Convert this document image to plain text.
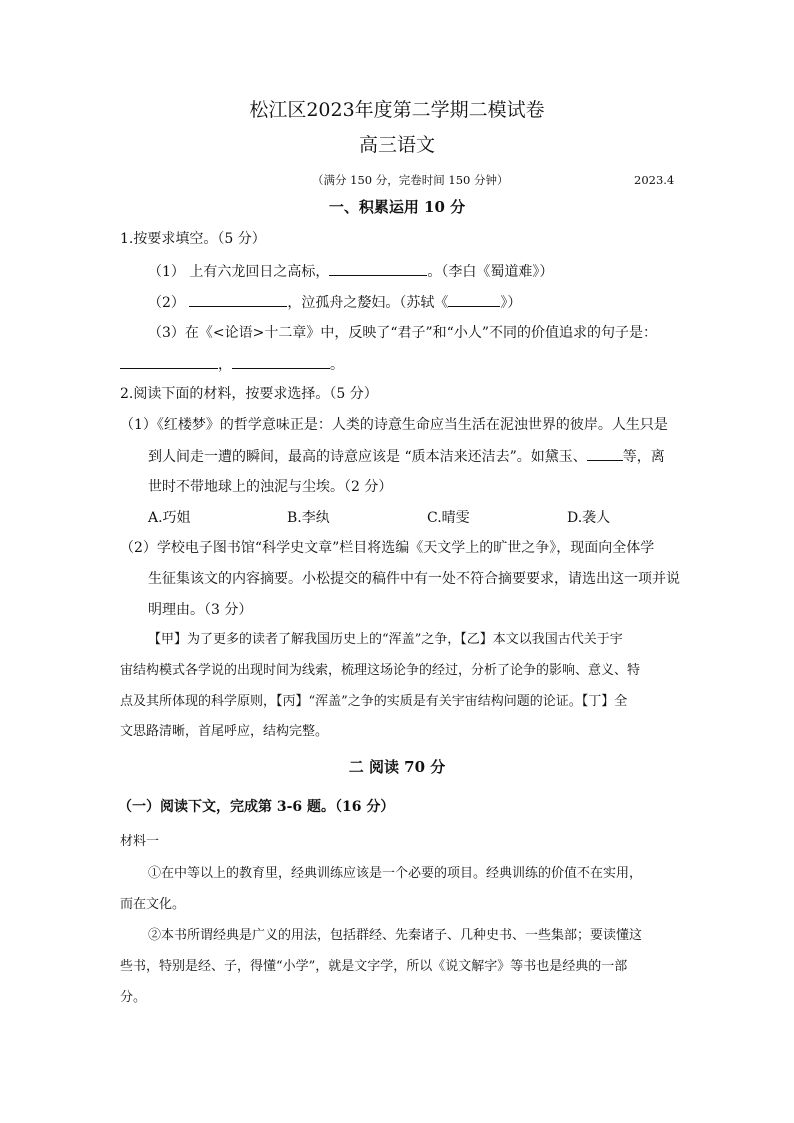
松江区2023年度第二学期二模试卷
高三语文
（满分 150 分，完卷时间 150 分钟）	2023.4
一、积累运用 10 分
1.按要求填空。（5 分）
（1） 上有六龙回日之高标，	。（李白《蜀道难》）
（2）	，泣孤舟之嫠妇。（苏轼《	》）
（3）在《<论语>十二章》中，反映了“君子”和“小人”不同的价值追求的句子是：
，	。
2.阅读下面的材料，按要求选择。（5 分）
（1）《红楼梦》的哲学意味正是：人类的诗意生命应当生活在泥浊世界的彼岸。人生只是
到人间走一遭的瞬间，最高的诗意应该是 “质本洁来还洁去”。如黛玉、	等，离
世时不带地球上的浊泥与尘埃。（2 分）
A.巧姐	B.李纨	C.晴雯	D.袭人
（2）学校电子图书馆“科学史文章”栏目将选编《天文学上的旷世之争》，现面向全体学
生征集该文的内容摘要。小松提交的稿件中有一处不符合摘要要求，请选出这一项并说
明理由。（3 分）
【甲】为了更多的读者了解我国历史上的“浑盖”之争，【乙】本文以我国古代关于宇
宙结构模式各学说的出现时间为线索，梳理这场论争的经过，分析了论争的影响、意义、特
点及其所体现的科学原则，【丙】“浑盖”之争的实质是有关宇宙结构问题的论证。【丁】全
文思路清晰，首尾呼应，结构完整。
二 阅读 70 分
（一）阅读下文，完成第 3-6 题。（16 分）
材料一
①在中等以上的教育里，经典训练应该是一个必要的项目。经典训练的价值不在实用，
而在文化。
②本书所谓经典是广义的用法，包括群经、先秦诸子、几种史书、一些集部；要读懂这
些书，特别是经、子，得懂“小学”，就是文字学，所以《说文解字》等书也是经典的一部
分。
